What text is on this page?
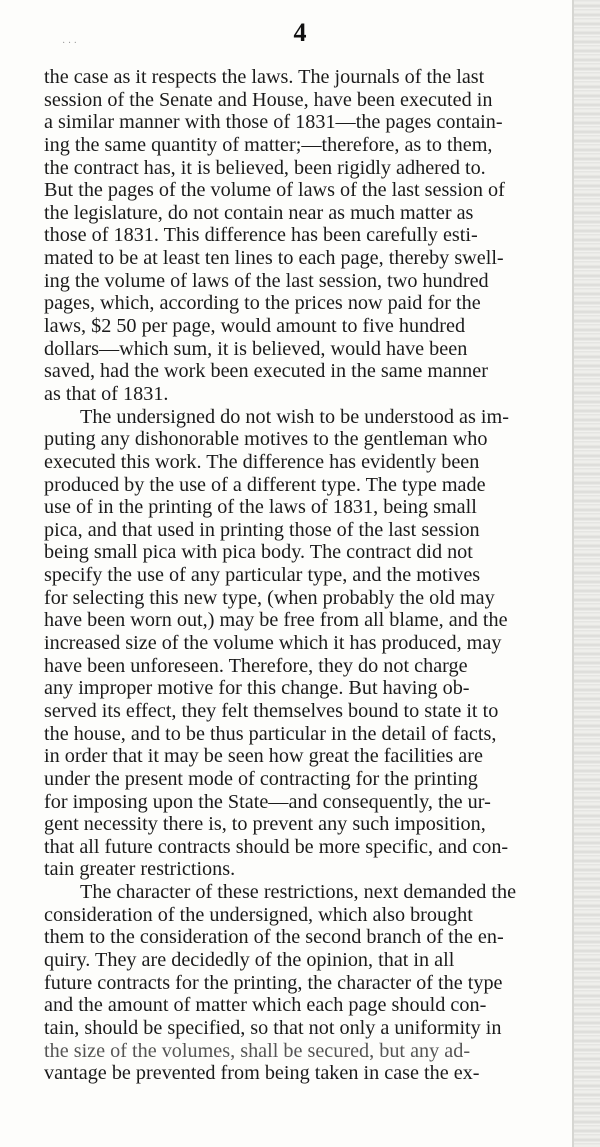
· · ·	4
the case as it respects the laws. The journals of the last
session of the Senate and House, have been executed in
a similar manner with those of 1831—the pages contain-
ing the same quantity of matter;—therefore, as to them,
the contract has, it is believed, been rigidly adhered to.
But the pages of the volume of laws of the last session of
the legislature, do not contain near as much matter as
those of 1831. This difference has been carefully esti-
mated to be at least ten lines to each page, thereby swell-
ing the volume of laws of the last session, two hundred
pages, which, according to the prices now paid for the
laws, $2 50 per page, would amount to five hundred
dollars—which sum, it is believed, would have been
saved, had the work been executed in the same manner
as that of 1831.
The undersigned do not wish to be understood as im-
puting any dishonorable motives to the gentleman who
executed this work. The difference has evidently been
produced by the use of a different type. The type made
use of in the printing of the laws of 1831, being small
pica, and that used in printing those of the last session
being small pica with pica body. The contract did not
specify the use of any particular type, and the motives
for selecting this new type, (when probably the old may
have been worn out,) may be free from all blame, and the
increased size of the volume which it has produced, may
have been unforeseen. Therefore, they do not charge
any improper motive for this change. But having ob-
served its effect, they felt themselves bound to state it to
the house, and to be thus particular in the detail of facts,
in order that it may be seen how great the facilities are
under the present mode of contracting for the printing
for imposing upon the State—and consequently, the ur-
gent necessity there is, to prevent any such imposition,
that all future contracts should be more specific, and con-
tain greater restrictions.
The character of these restrictions, next demanded the
consideration of the undersigned, which also brought
them to the consideration of the second branch of the en-
quiry. They are decidedly of the opinion, that in all
future contracts for the printing, the character of the type
and the amount of matter which each page should con-
tain, should be specified, so that not only a uniformity in
the size of the volumes, shall be secured, but any ad-
vantage be prevented from being taken in case the ex-
